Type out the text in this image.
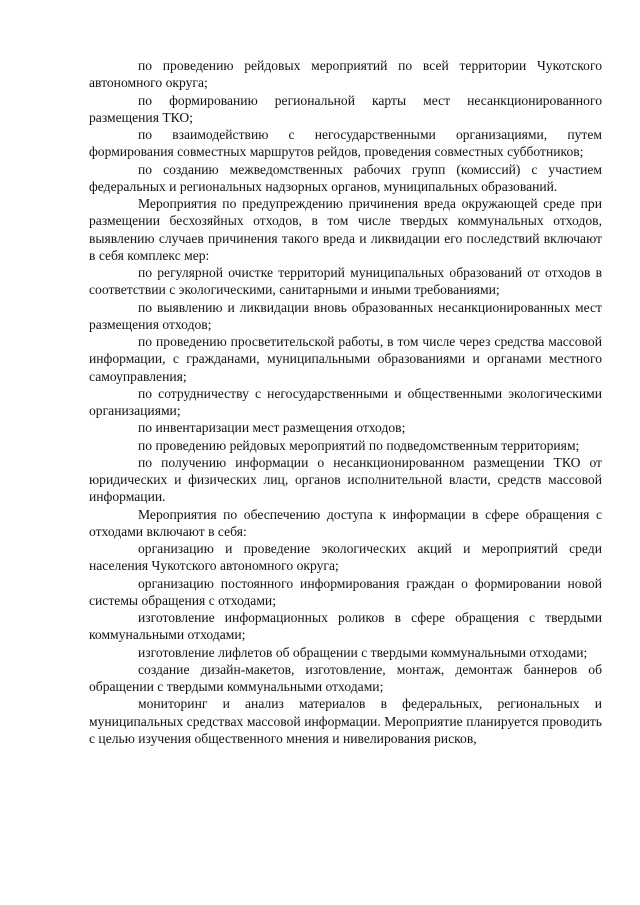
по проведению рейдовых мероприятий по всей территории Чукотского автономного округа;

по формированию региональной карты мест несанкционированного размещения ТКО;

по взаимодействию с негосударственными организациями, путем формирования совместных маршрутов рейдов, проведения совместных субботников;

по созданию межведомственных рабочих групп (комиссий) с участием федеральных и региональных надзорных органов, муниципальных образований.

Мероприятия по предупреждению причинения вреда окружающей среде при размещении бесхозяйных отходов, в том числе твердых коммунальных отходов, выявлению случаев причинения такого вреда и ликвидации его последствий включают в себя комплекс мер:

по регулярной очистке территорий муниципальных образований от отходов в соответствии с экологическими, санитарными и иными требованиями;

по выявлению и ликвидации вновь образованных несанкционированных мест размещения отходов;

по проведению просветительской работы, в том числе через средства массовой информации, с гражданами, муниципальными образованиями и органами местного самоуправления;

по сотрудничеству с негосударственными и общественными экологическими организациями;

по инвентаризации мест размещения отходов;

по проведению рейдовых мероприятий по подведомственным территориям;

по получению информации о несанкционированном размещении ТКО от юридических и физических лиц, органов исполнительной власти, средств массовой информации.

Мероприятия по обеспечению доступа к информации в сфере обращения с отходами включают в себя:

организацию и проведение экологических акций и мероприятий среди населения Чукотского автономного округа;

организацию постоянного информирования граждан о формировании новой системы обращения с отходами;

изготовление информационных роликов в сфере обращения с твердыми коммунальными отходами;

изготовление лифлетов об обращении с твердыми коммунальными отходами;

создание дизайн-макетов, изготовление, монтаж, демонтаж баннеров об обращении с твердыми коммунальными отходами;

мониторинг и анализ материалов в федеральных, региональных и муниципальных средствах массовой информации. Мероприятие планируется проводить с целью изучения общественного мнения и нивелирования рисков,
